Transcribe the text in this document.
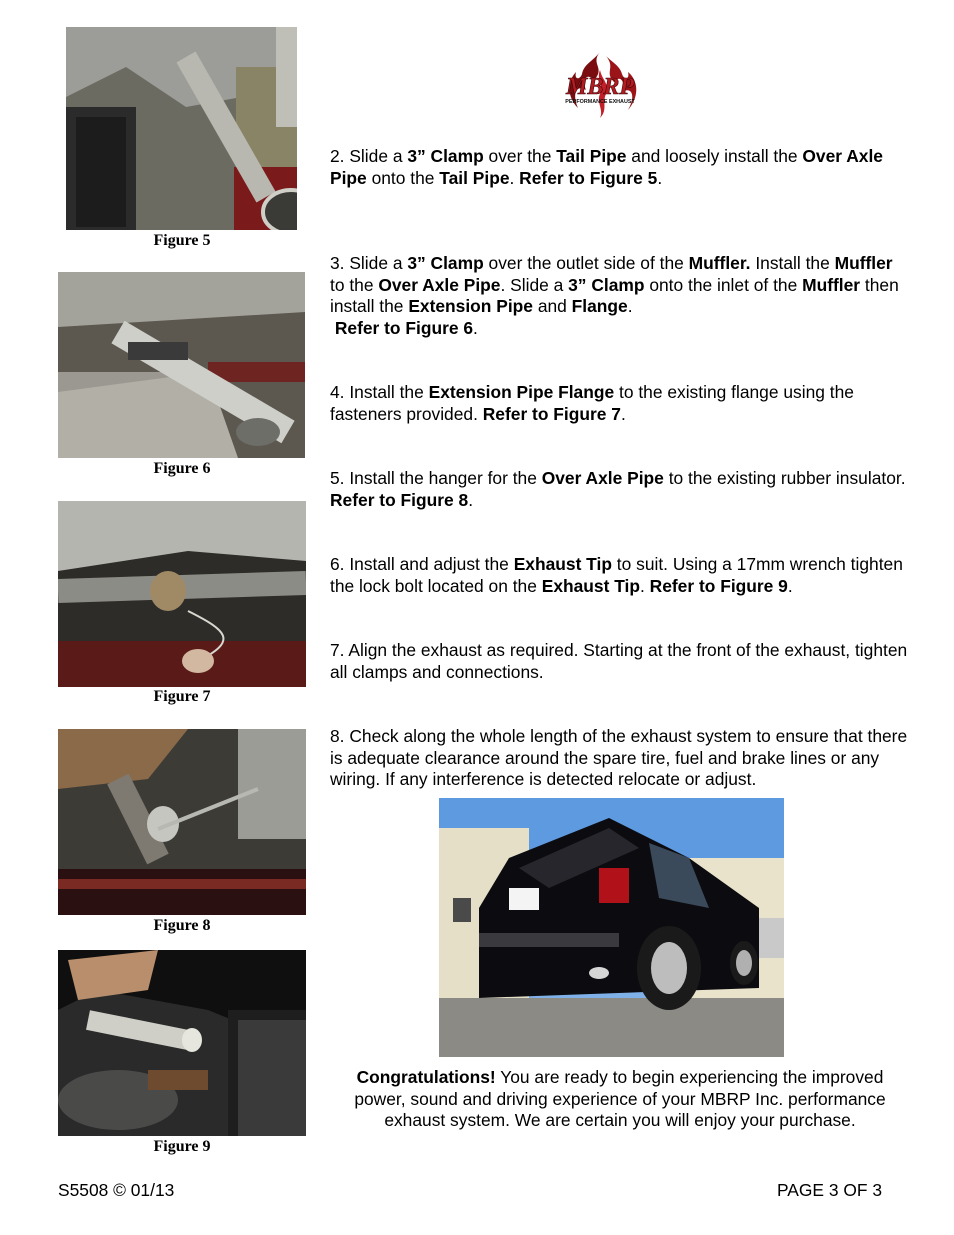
MBRP
PERFORMANCE EXHAUST
Figure 5
Figure 6
Figure 7
Figure 8
Figure 9
2. Slide a 3” Clamp over the Tail Pipe and loosely install the Over Axle Pipe onto the Tail Pipe. Refer to Figure 5.
3. Slide a 3” Clamp over the outlet side of the Muffler. Install the Muffler to the Over Axle Pipe. Slide a 3” Clamp onto the inlet of the Muffler then install the Extension Pipe and Flange.
Refer to Figure 6.
4. Install the Extension Pipe Flange to the existing flange using the fasteners provided. Refer to Figure 7.
5. Install the hanger for the Over Axle Pipe to the existing rubber insulator. Refer to Figure 8.
6. Install and adjust the Exhaust Tip to suit. Using a 17mm wrench tighten the lock bolt located on the Exhaust Tip. Refer to Figure 9.
7. Align the exhaust as required. Starting at the front of the exhaust, tighten all clamps and connections.
8. Check along the whole length of the exhaust system to ensure that there is adequate clearance around the spare tire, fuel and brake lines or any wiring. If any interference is detected relocate or adjust.
Congratulations! You are ready to begin experiencing the improved power, sound and driving experience of your MBRP Inc. performance exhaust system. We are certain you will enjoy your purchase.
S5508 © 01/13	PAGE 3 OF 3
